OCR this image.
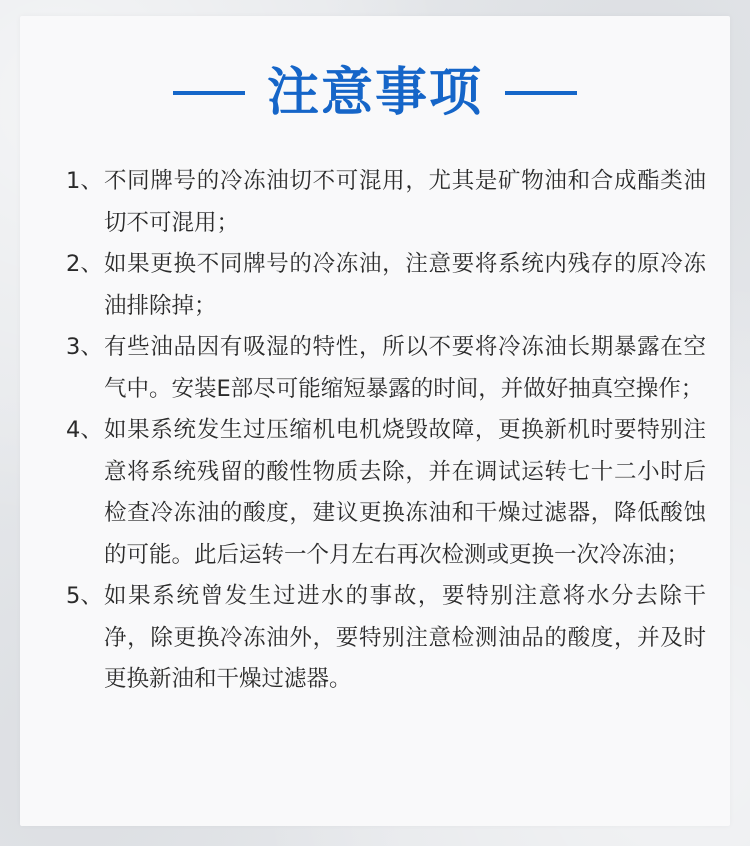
注意事项
1、 不同牌号的冷冻油切不可混用，尤其是矿物油和合成酯类油切不可混用；
2、 如果更换不同牌号的冷冻油，注意要将系统内残存的原冷冻油排除掉；
3、 有些油品因有吸湿的特性，所以不要将冷冻油长期暴露在空气中。安装E部尽可能缩短暴露的时间，并做好抽真空操作；
4、 如果系统发生过压缩机电机烧毁故障，更换新机时要特别注意将系统残留的酸性物质去除，并在调试运转七十二小时后检查冷冻油的酸度，建议更换冻油和干燥过滤器，降低酸蚀的可能。此后运转一个月左右再次检测或更换一次冷冻油；
5、 如果系统曾发生过进水的事故，要特别注意将水分去除干净，除更换冷冻油外，要特别注意检测油品的酸度，并及时更换新油和干燥过滤器。
